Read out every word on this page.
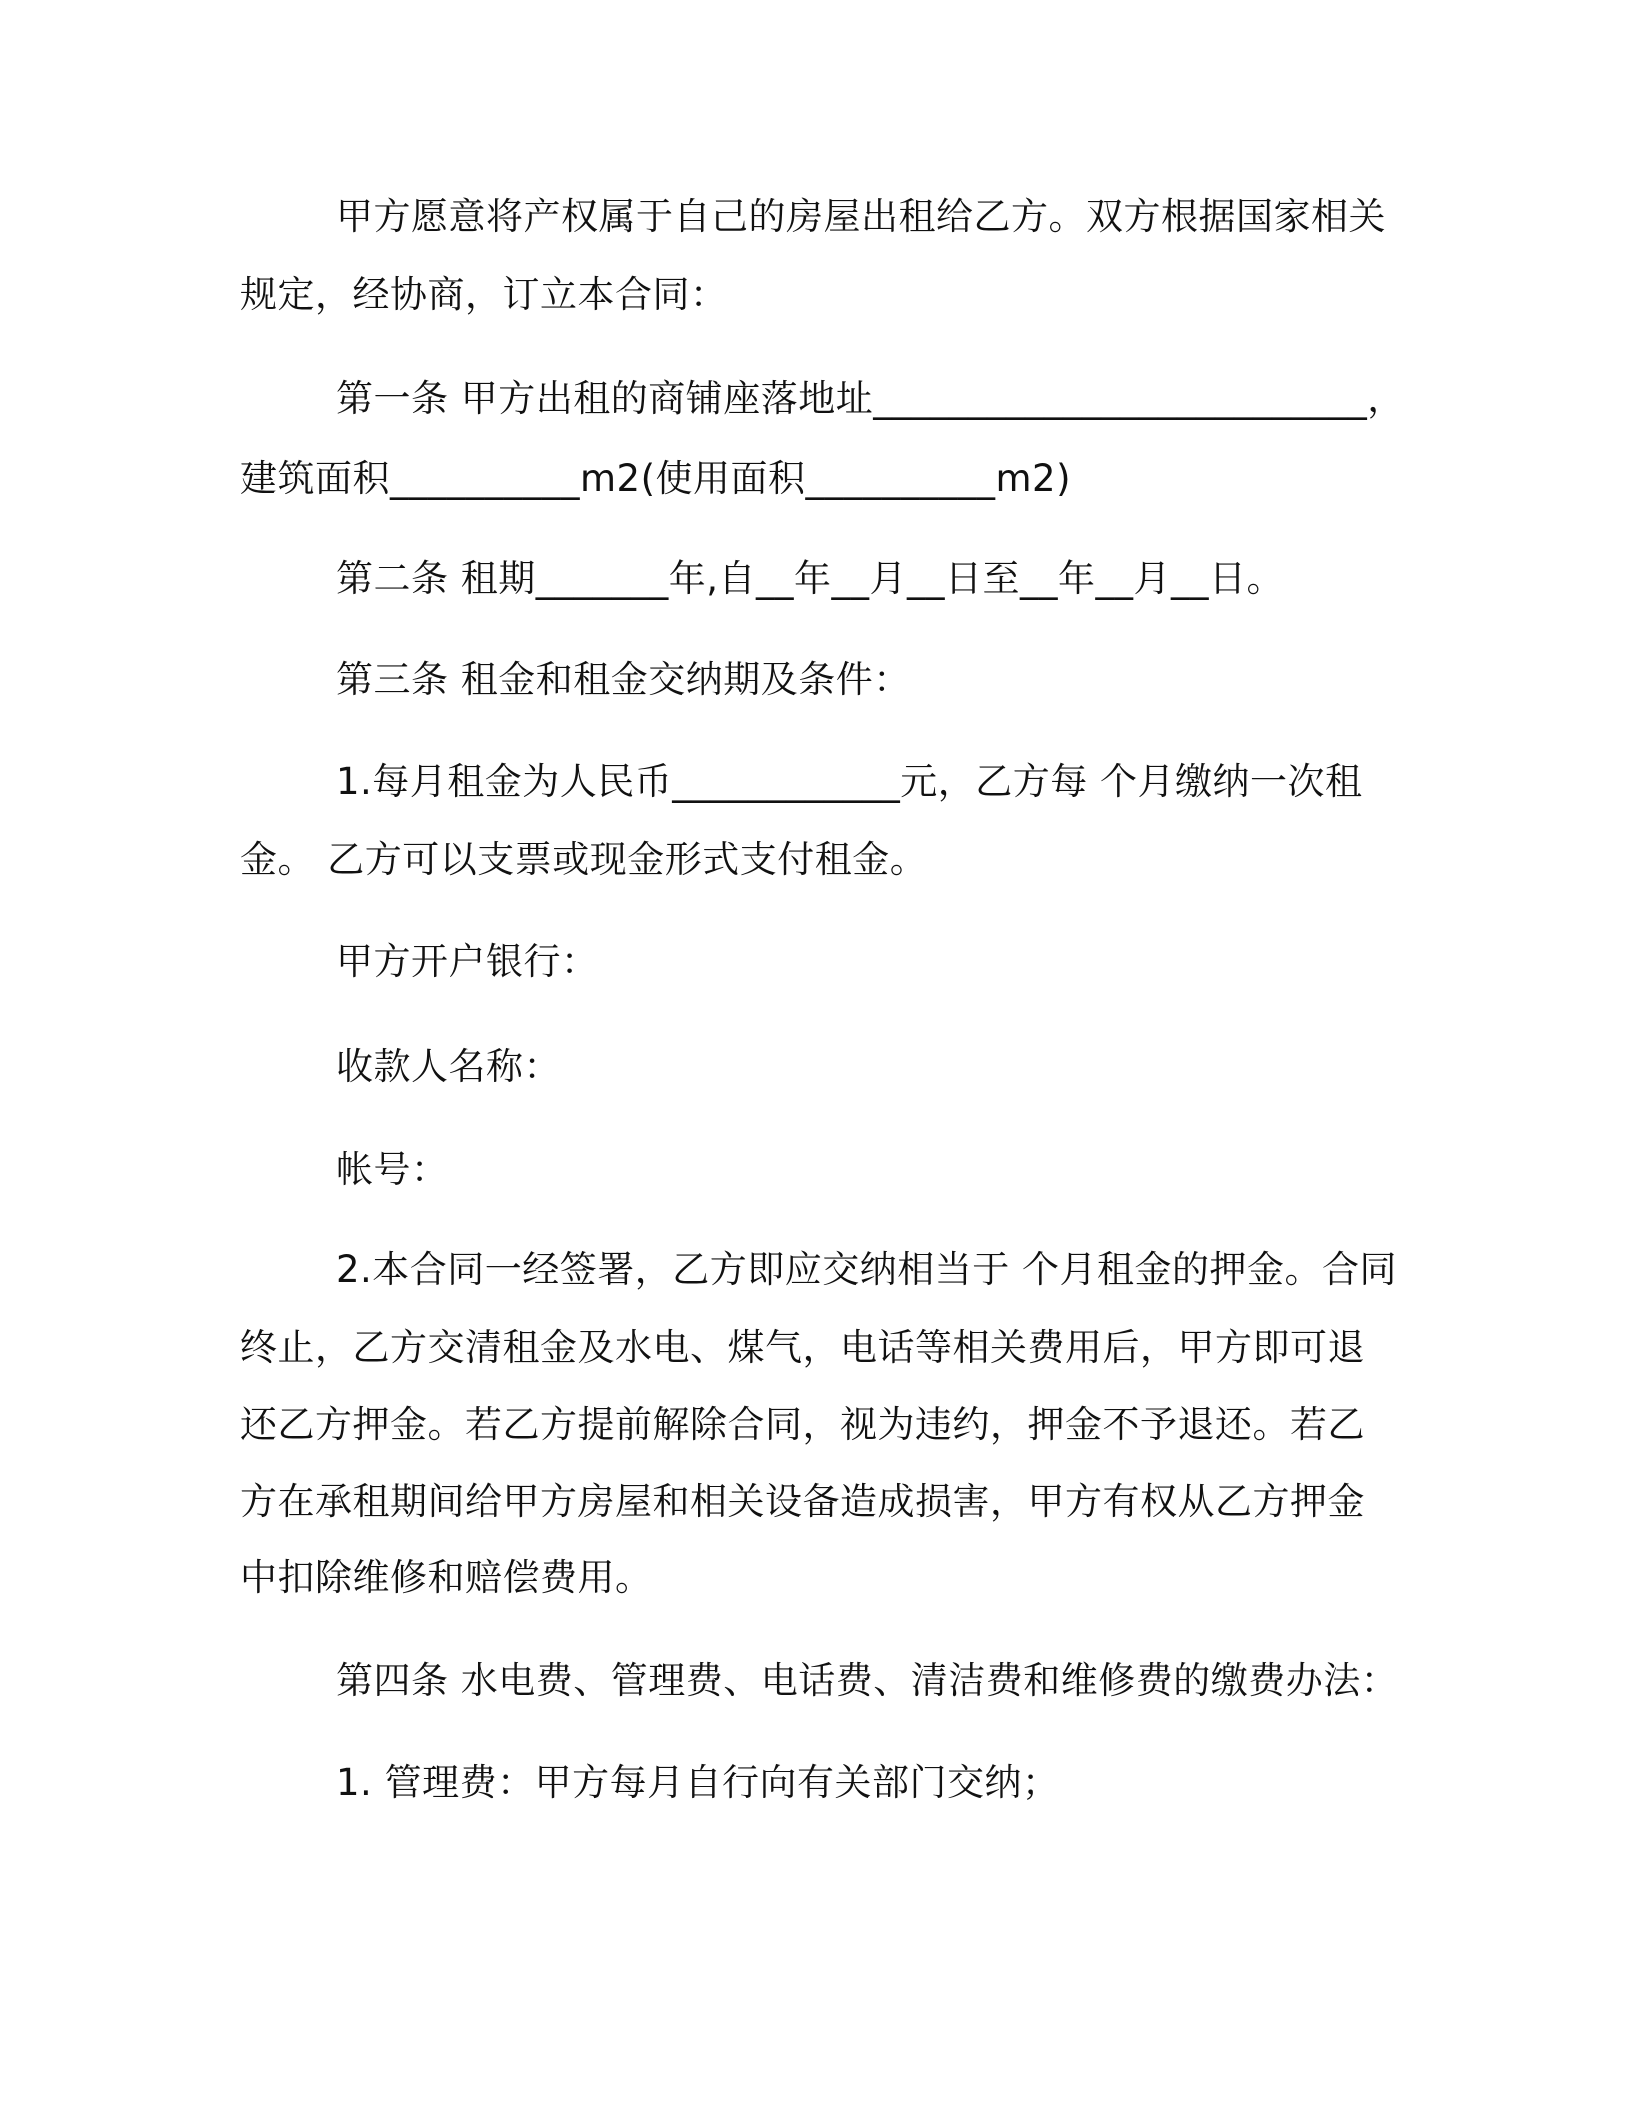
甲方愿意将产权属于自己的房屋出租给乙方。双方根据国家相关
规定，经协商，订立本合同：
第一条 甲方出租的商铺座落地址__________________________，
建筑面积__________m2(使用面积__________m2)
第二条 租期_______年,自__年__月__日至__年__月__日。
第三条 租金和租金交纳期及条件：
1.每月租金为人民币____________元，乙方每 个月缴纳一次租
金。 乙方可以支票或现金形式支付租金。
甲方开户银行：
收款人名称：
帐号：
2.本合同一经签署，乙方即应交纳相当于 个月租金的押金。合同
终止，乙方交清租金及水电、煤气，电话等相关费用后，甲方即可退
还乙方押金。若乙方提前解除合同，视为违约，押金不予退还。若乙
方在承租期间给甲方房屋和相关设备造成损害，甲方有权从乙方押金
中扣除维修和赔偿费用。
第四条 水电费、管理费、电话费、清洁费和维修费的缴费办法：
1. 管理费：甲方每月自行向有关部门交纳；
